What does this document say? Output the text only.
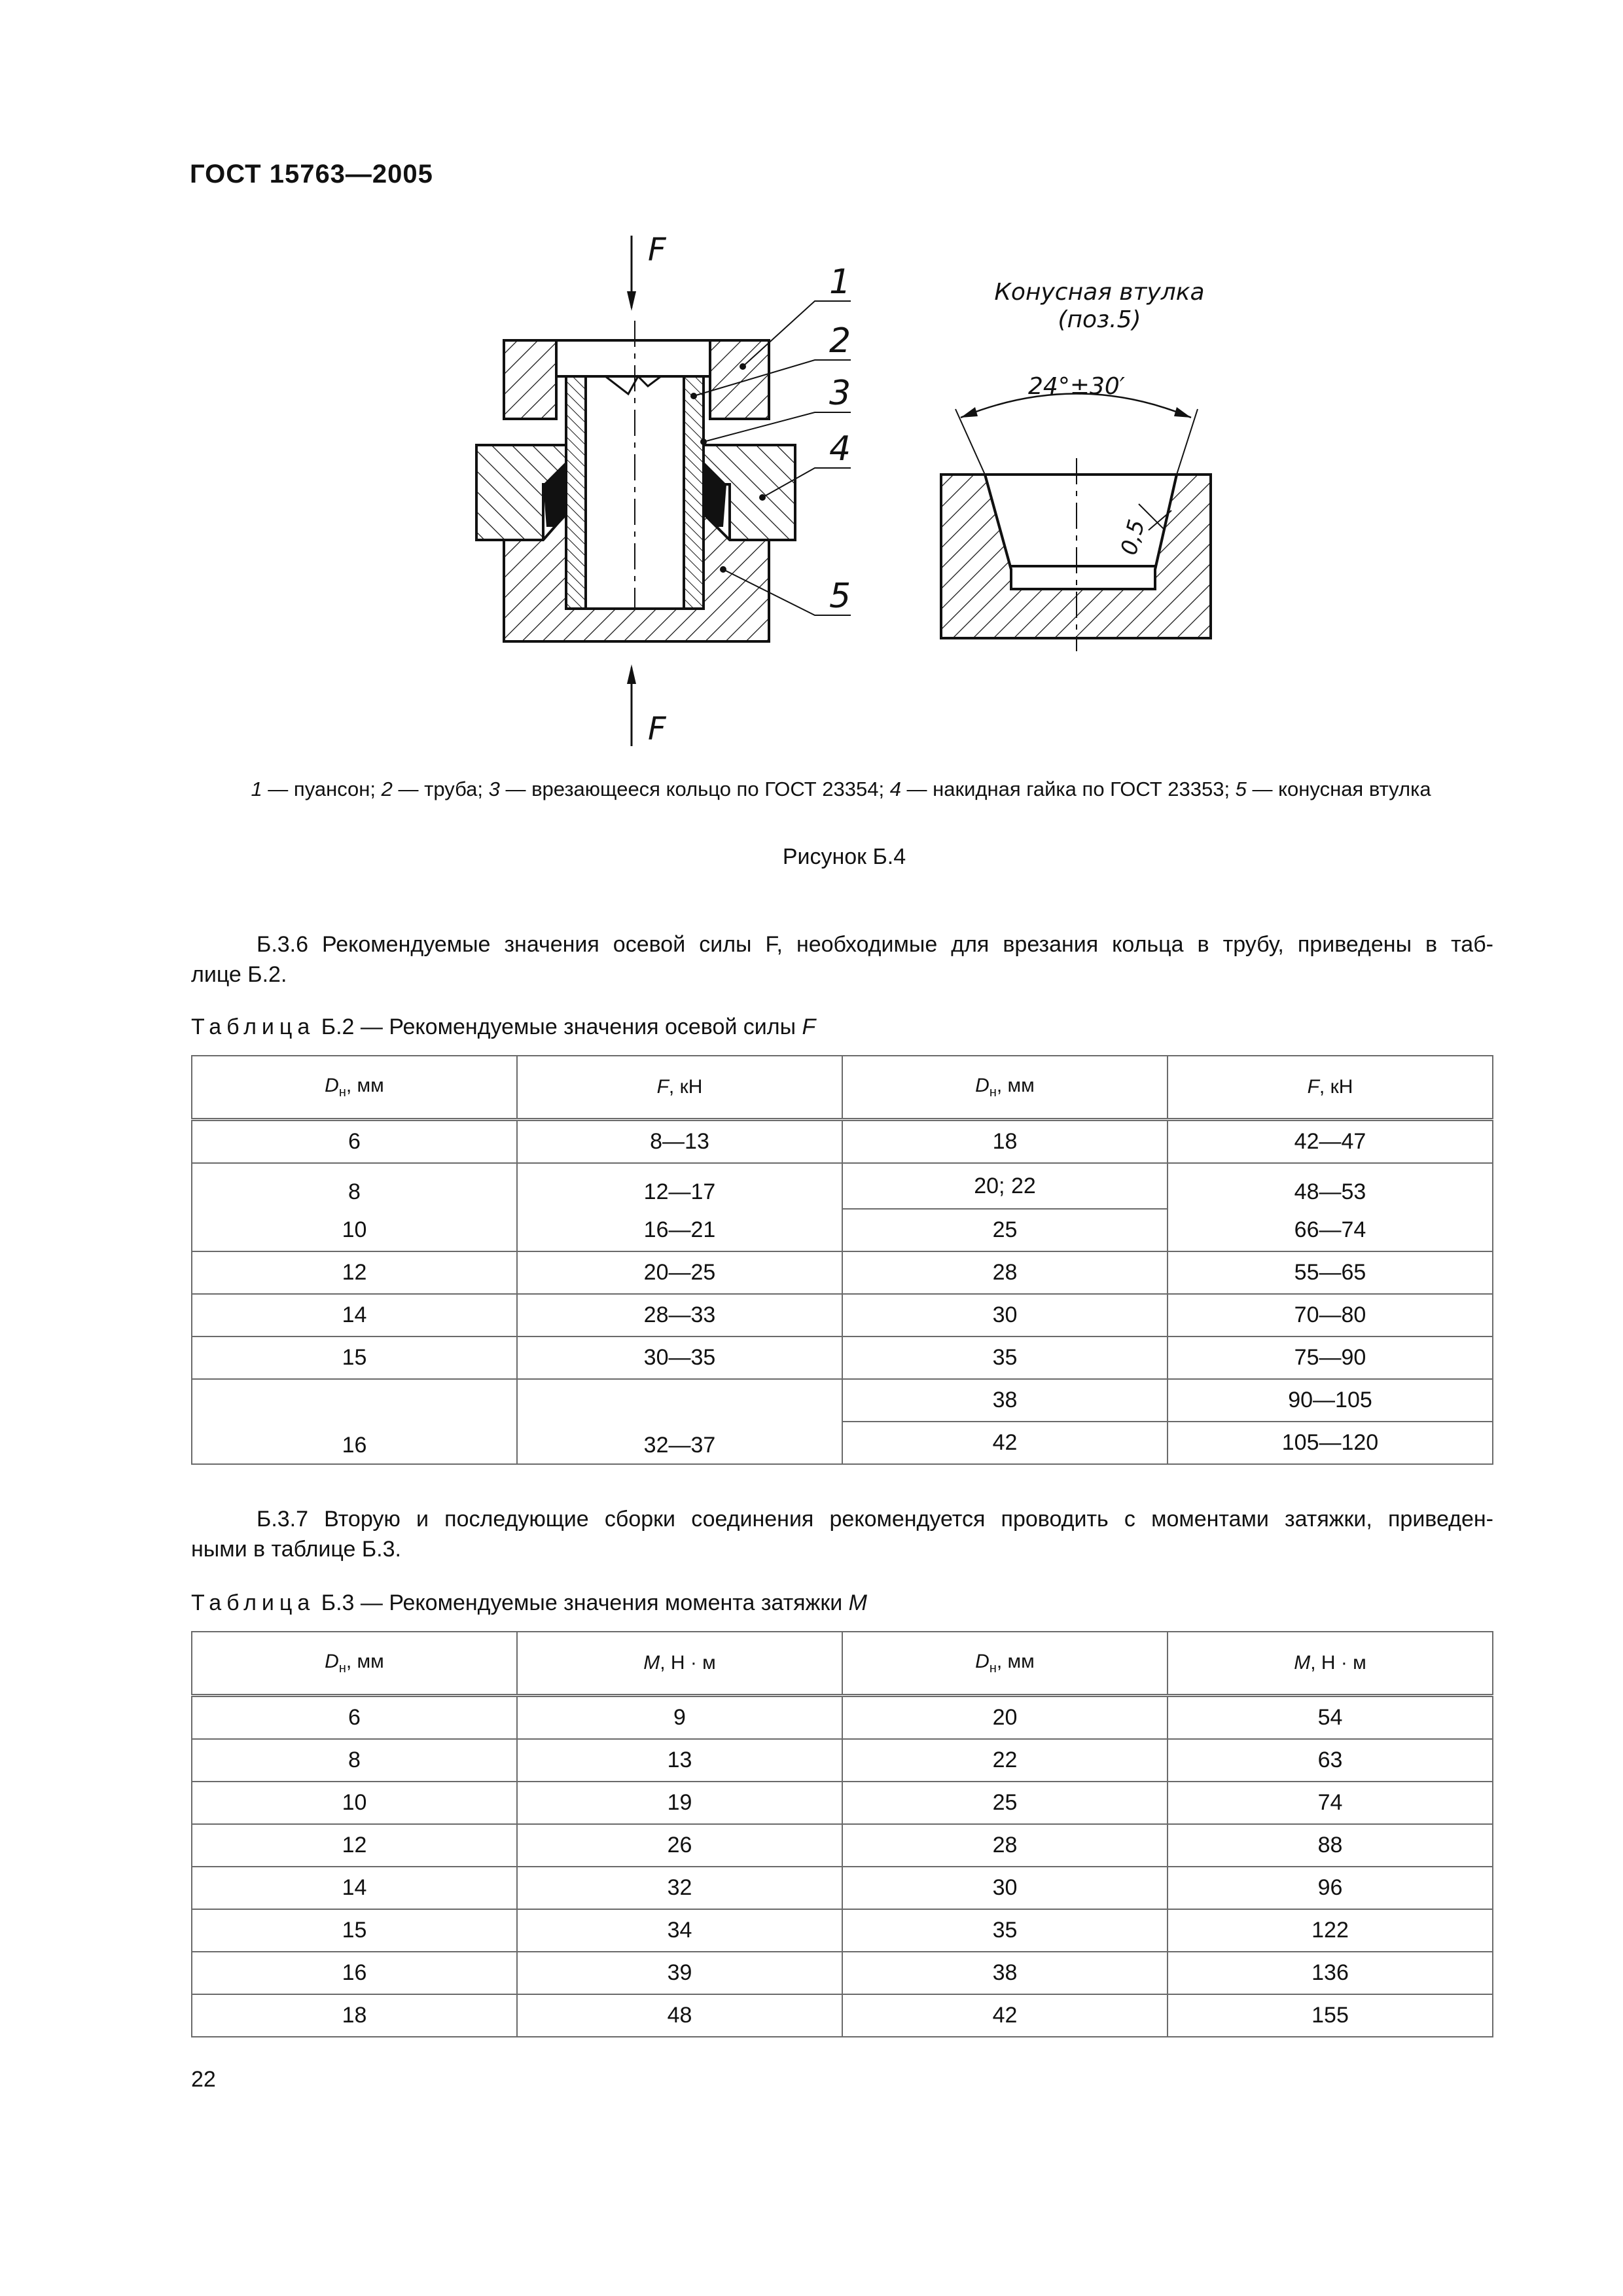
ГОСТ 15763—2005
F
F
1
2
3
4
5
Конусная втулка
(поз.5)
24°±30′
0,5
1 — пуансон; 2 — труба; 3 — врезающееся кольцо по ГОСТ 23354; 4 — накидная гайка по ГОСТ 23353; 5 — конусная втулка
Рисунок Б.4
Б.3.6 Рекомендуемые значения осевой силы F, необходимые для врезания кольца в трубу, приведены в таб-
лице Б.2.
Таблица Б.2 — Рекомендуемые значения осевой силы F
$D_н$, мм	F, кН	$D_н$, мм	F, кН
6	8—13	18	42—47
8	12—17	20; 22	48—53
10	16—21	25	66—74
12	20—25	28	55—65
14	28—33	30	70—80
15	30—35	35	75—90
16	32—37	38	90—105
		42	105—120
Б.3.7 Вторую и последующие сборки соединения рекомендуется проводить с моментами затяжки, приведен-
ными в таблице Б.3.
Таблица Б.3 — Рекомендуемые значения момента затяжки M
$D_н$, мм	M, Н · м	$D_н$, мм	M, Н · м
6	9	20	54
8	13	22	63
10	19	25	74
12	26	28	88
14	32	30	96
15	34	35	122
16	39	38	136
18	48	42	155
22
